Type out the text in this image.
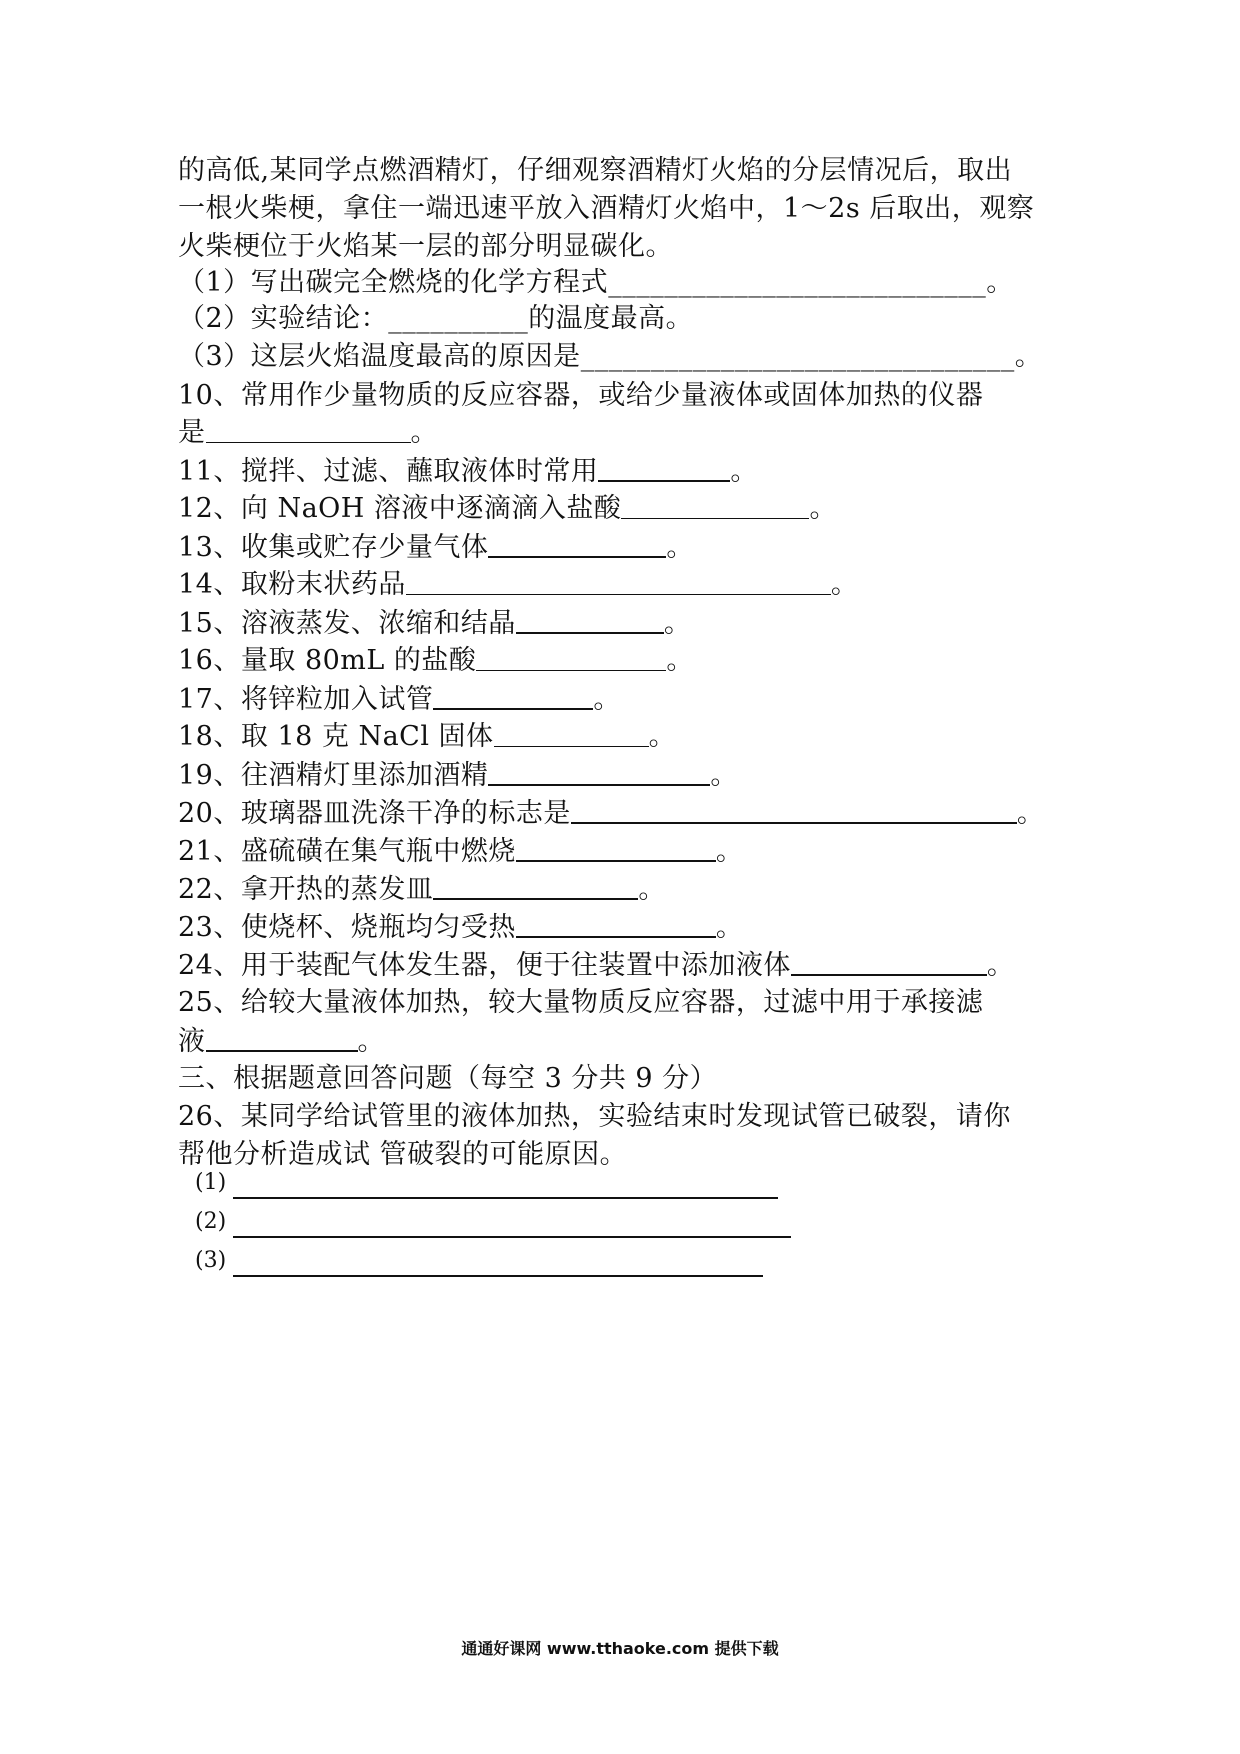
的高低,某同学点燃酒精灯，仔细观察酒精灯火焰的分层情况后，取出
一根火柴梗，拿住一端迅速平放入酒精灯火焰中，1～2s 后取出，观察
火柴梗位于火焰某一层的部分明显碳化。
（1）写出碳完全燃烧的化学方程式___________________________。
（2）实验结论：__________的温度最高。
（3）这层火焰温度最高的原因是_______________________________。
10、常用作少量物质的反应容器，或给少量液体或固体加热的仪器
是	。
11、搅拌、过滤、蘸取液体时常用	。
12、向 NaOH 溶液中逐滴滴入盐酸	。
13、收集或贮存少量气体	。
14、取粉末状药品	。
15、溶液蒸发、浓缩和结晶	。
16、量取 80mL 的盐酸	。
17、将锌粒加入试管	。
18、取 18 克 NaCl 固体	。
19、往酒精灯里添加酒精	。
20、玻璃器皿洗涤干净的标志是	。
21、盛硫磺在集气瓶中燃烧	。
22、拿开热的蒸发皿	。
23、使烧杯、烧瓶均匀受热	。
24、用于装配气体发生器，便于往装置中添加液体	。
25、给较大量液体加热，较大量物质反应容器，过滤中用于承接滤
液	。
三、根据题意回答问题（每空 3 分共 9 分）
26、某同学给试管里的液体加热，实验结束时发现试管已破裂，请你
帮他分析造成试 管破裂的可能原因。
(1)
(2)
(3)
通通好课网 www.tthaoke.com 提供下载
